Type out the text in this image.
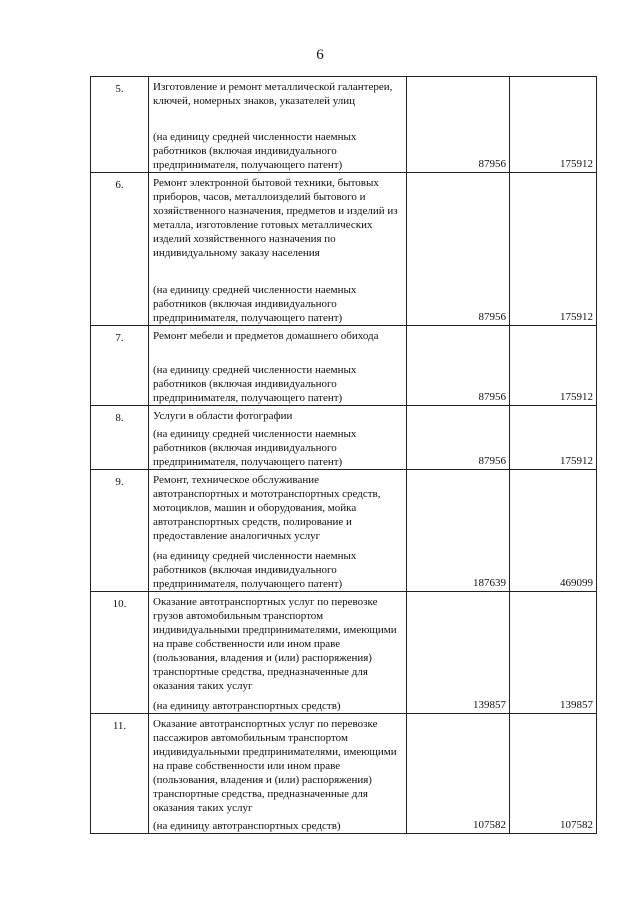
6
5.	Изготовление и ремонт металлической галантереи, ключей, номерных знаков, указателей улиц
(на единицу средней численности наемных работников (включая индивидуального предпринимателя, получающего патент)	87956	175912
6.	Ремонт электронной бытовой техники, бытовых приборов, часов, металлоизделий бытового и хозяйственного назначения, предметов и изделий из металла, изготовление готовых металлических изделий хозяйственного назначения по индивидуальному заказу населения
(на единицу средней численности наемных работников (включая индивидуального предпринимателя, получающего патент)	87956	175912
7.	Ремонт мебели и предметов домашнего обихода
(на единицу средней численности наемных работников (включая индивидуального предпринимателя, получающего патент)	87956	175912
8.	Услуги в области фотографии
(на единицу средней численности наемных работников (включая индивидуального предпринимателя, получающего патент)	87956	175912
9.	Ремонт, техническое обслуживание автотранспортных и мототранспортных средств, мотоциклов, машин и оборудования, мойка автотранспортных средств, полирование и предоставление аналогичных услуг
(на единицу средней численности наемных работников (включая индивидуального предпринимателя, получающего патент)	187639	469099
10.	Оказание автотранспортных услуг по перевозке грузов автомобильным транспортом индивидуальными предпринимателями, имеющими на праве собственности или ином праве (пользования, владения и (или) распоряжения) транспортные средства, предназначенные для оказания таких услуг
(на единицу автотранспортных средств)	139857	139857
11.	Оказание автотранспортных услуг по перевозке пассажиров автомобильным транспортом индивидуальными предпринимателями, имеющими на праве собственности или ином праве (пользования, владения и (или) распоряжения) транспортные средства, предназначенные для оказания таких услуг
(на единицу автотранспортных средств)	107582	107582
